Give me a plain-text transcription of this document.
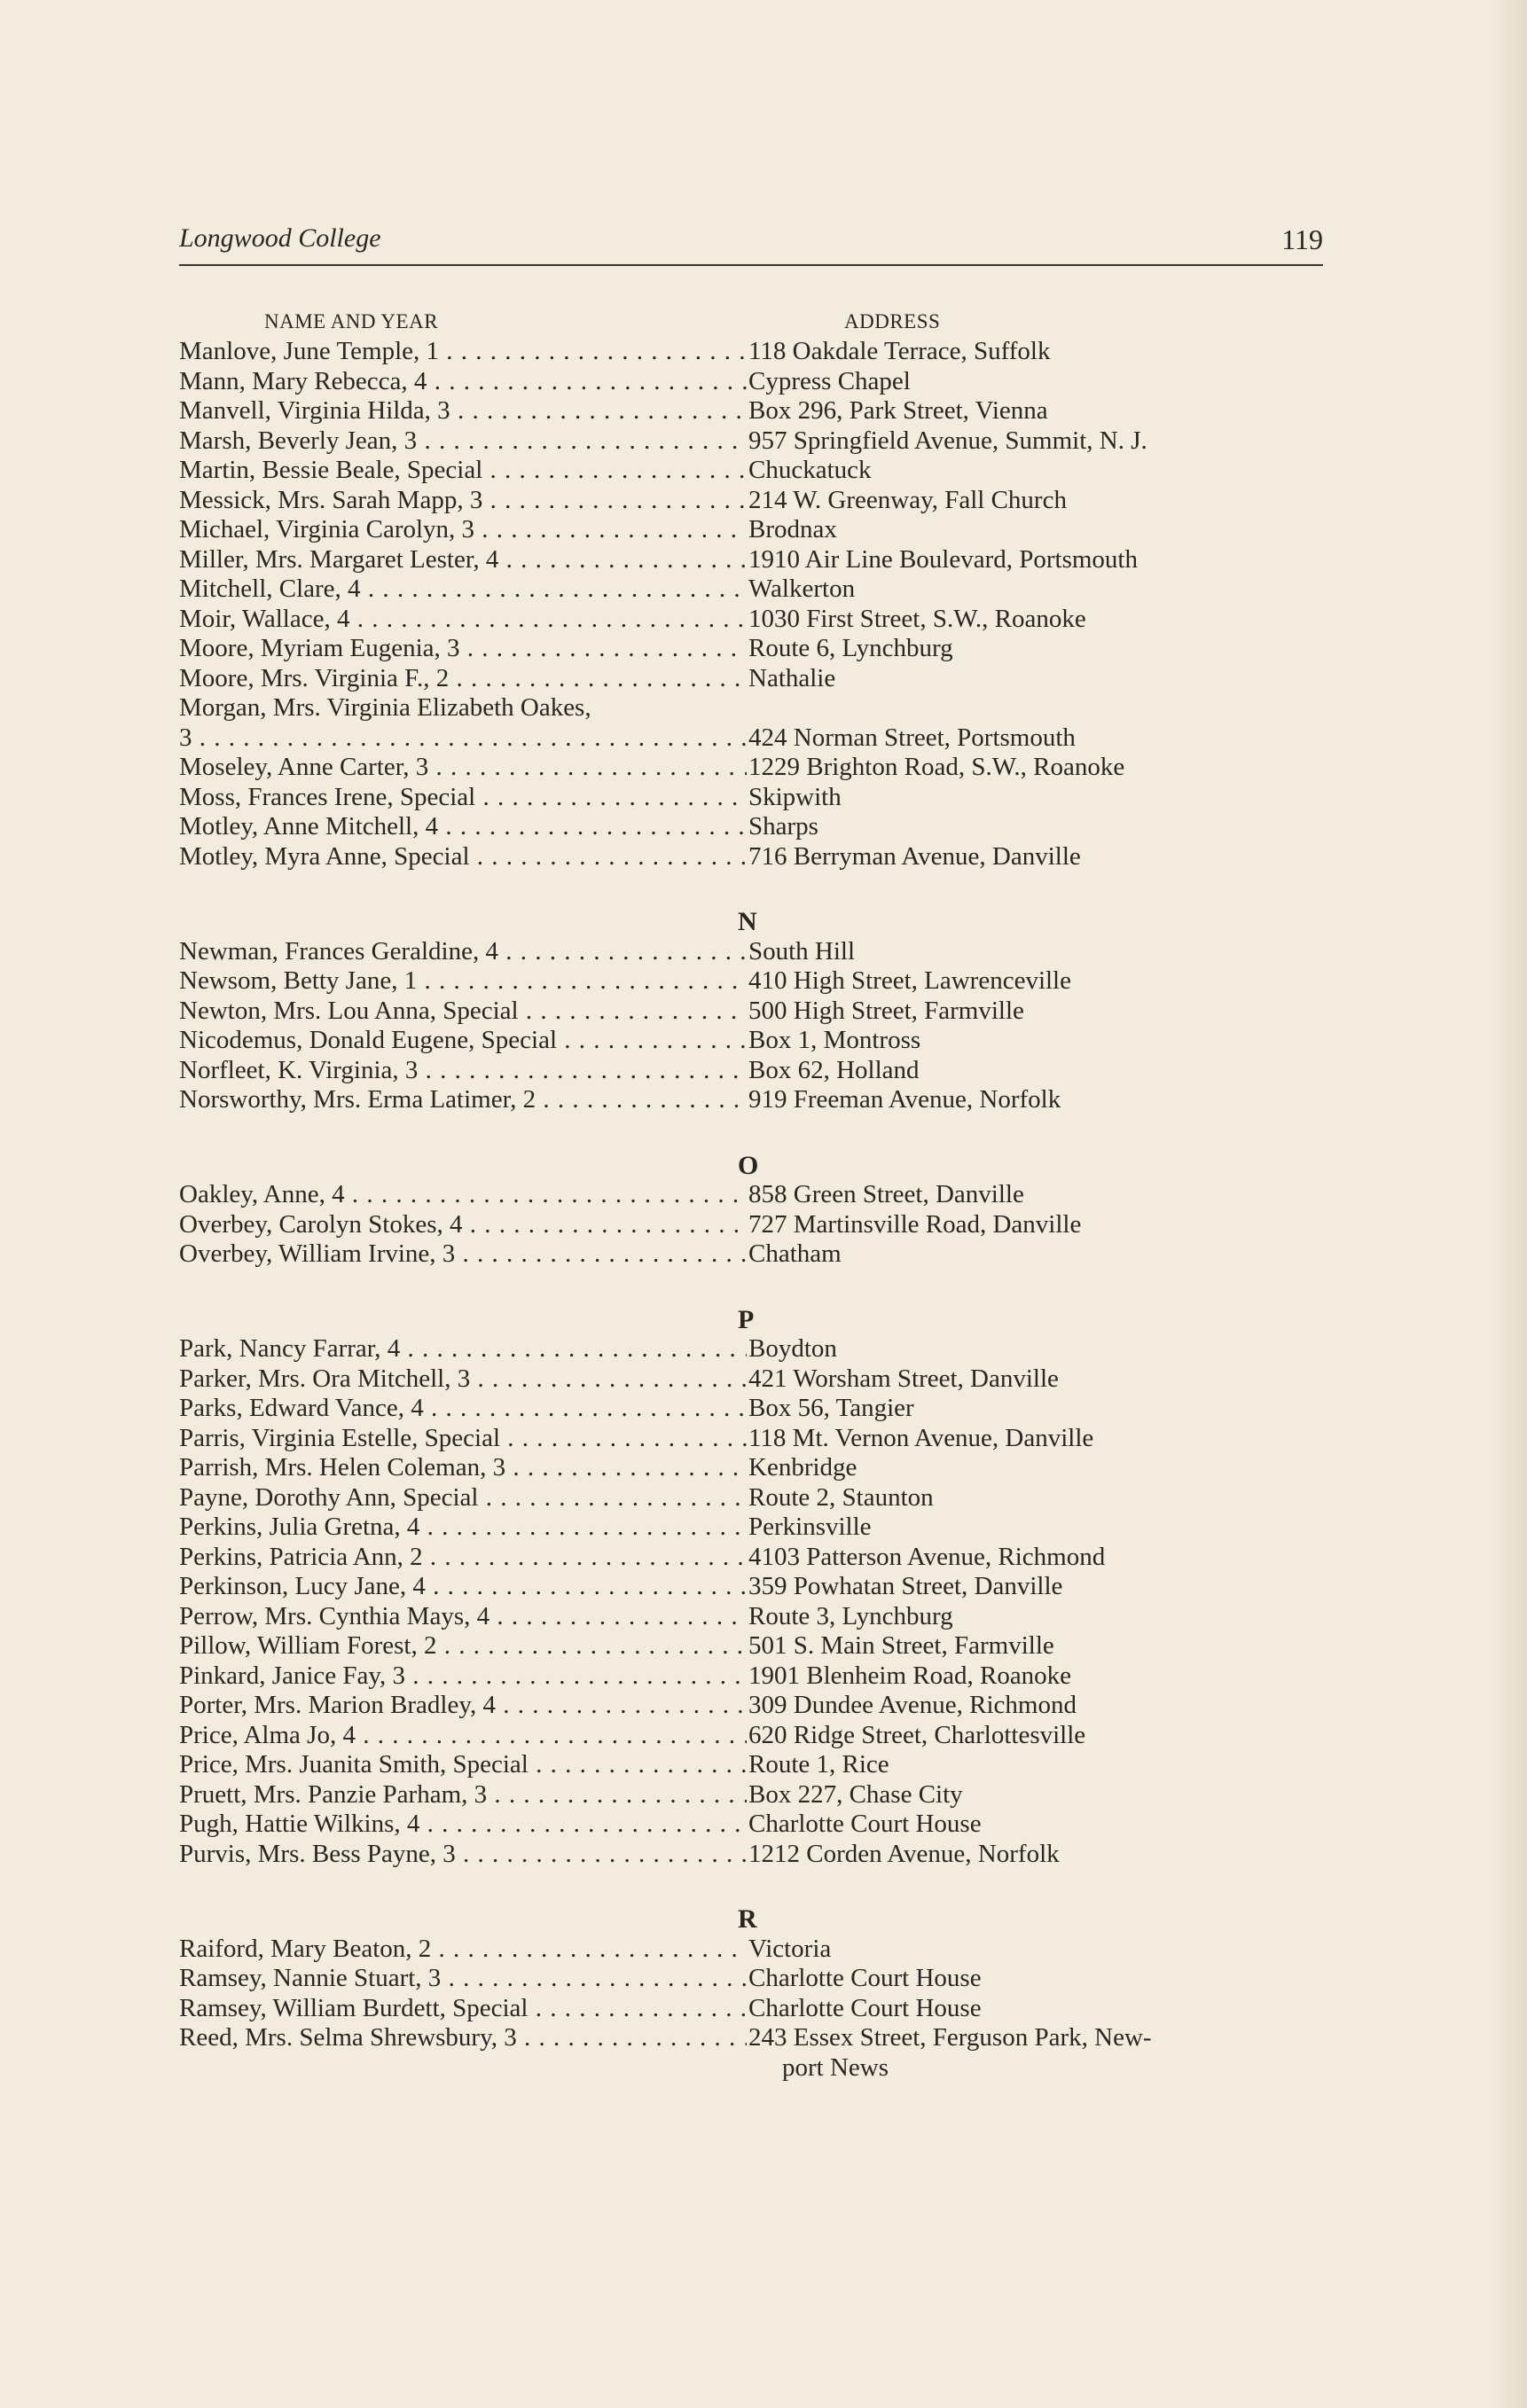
Longwood College	119
NAME AND YEAR	ADDRESS
Manlove, June Temple, 1 . . .	118 Oakdale Terrace, Suffolk
Mann, Mary Rebecca, 4 . . .	Cypress Chapel
Manvell, Virginia Hilda, 3 . . .	Box 296, Park Street, Vienna
Marsh, Beverly Jean, 3 . . .	957 Springfield Avenue, Summit, N. J.
Martin, Bessie Beale, Special . . .	Chuckatuck
Messick, Mrs. Sarah Mapp, 3 . . .	214 W. Greenway, Fall Church
Michael, Virginia Carolyn, 3 . . .	Brodnax
Miller, Mrs. Margaret Lester, 4 . . .	1910 Air Line Boulevard, Portsmouth
Mitchell, Clare, 4 . . .	Walkerton
Moir, Wallace, 4 . . .	1030 First Street, S.W., Roanoke
Moore, Myriam Eugenia, 3 . . .	Route 6, Lynchburg
Moore, Mrs. Virginia F., 2 . . .	Nathalie
Morgan, Mrs. Virginia Elizabeth Oakes,
3 . . .	424 Norman Street, Portsmouth
Moseley, Anne Carter, 3 . . .	1229 Brighton Road, S.W., Roanoke
Moss, Frances Irene, Special . . .	Skipwith
Motley, Anne Mitchell, 4 . . .	Sharps
Motley, Myra Anne, Special . . .	716 Berryman Avenue, Danville
N
Newman, Frances Geraldine, 4 . . .	South Hill
Newsom, Betty Jane, 1 . . .	410 High Street, Lawrenceville
Newton, Mrs. Lou Anna, Special . . .	500 High Street, Farmville
Nicodemus, Donald Eugene, Special . . .	Box 1, Montross
Norfleet, K. Virginia, 3 . . .	Box 62, Holland
Norsworthy, Mrs. Erma Latimer, 2 . . .	919 Freeman Avenue, Norfolk
O
Oakley, Anne, 4 . . .	858 Green Street, Danville
Overbey, Carolyn Stokes, 4 . . .	727 Martinsville Road, Danville
Overbey, William Irvine, 3 . . .	Chatham
P
Park, Nancy Farrar, 4 . . .	Boydton
Parker, Mrs. Ora Mitchell, 3 . . .	421 Worsham Street, Danville
Parks, Edward Vance, 4 . . .	Box 56, Tangier
Parris, Virginia Estelle, Special . . .	118 Mt. Vernon Avenue, Danville
Parrish, Mrs. Helen Coleman, 3 . . .	Kenbridge
Payne, Dorothy Ann, Special . . .	Route 2, Staunton
Perkins, Julia Gretna, 4 . . .	Perkinsville
Perkins, Patricia Ann, 2 . . .	4103 Patterson Avenue, Richmond
Perkinson, Lucy Jane, 4 . . .	359 Powhatan Street, Danville
Perrow, Mrs. Cynthia Mays, 4 . . .	Route 3, Lynchburg
Pillow, William Forest, 2 . . .	501 S. Main Street, Farmville
Pinkard, Janice Fay, 3 . . .	1901 Blenheim Road, Roanoke
Porter, Mrs. Marion Bradley, 4 . . .	309 Dundee Avenue, Richmond
Price, Alma Jo, 4 . . .	620 Ridge Street, Charlottesville
Price, Mrs. Juanita Smith, Special . . .	Route 1, Rice
Pruett, Mrs. Panzie Parham, 3 . . .	Box 227, Chase City
Pugh, Hattie Wilkins, 4 . . .	Charlotte Court House
Purvis, Mrs. Bess Payne, 3 . . .	1212 Corden Avenue, Norfolk
R
Raiford, Mary Beaton, 2 . . .	Victoria
Ramsey, Nannie Stuart, 3 . . .	Charlotte Court House
Ramsey, William Burdett, Special . . .	Charlotte Court House
Reed, Mrs. Selma Shrewsbury, 3 . . .	243 Essex Street, Ferguson Park, New-
port News
